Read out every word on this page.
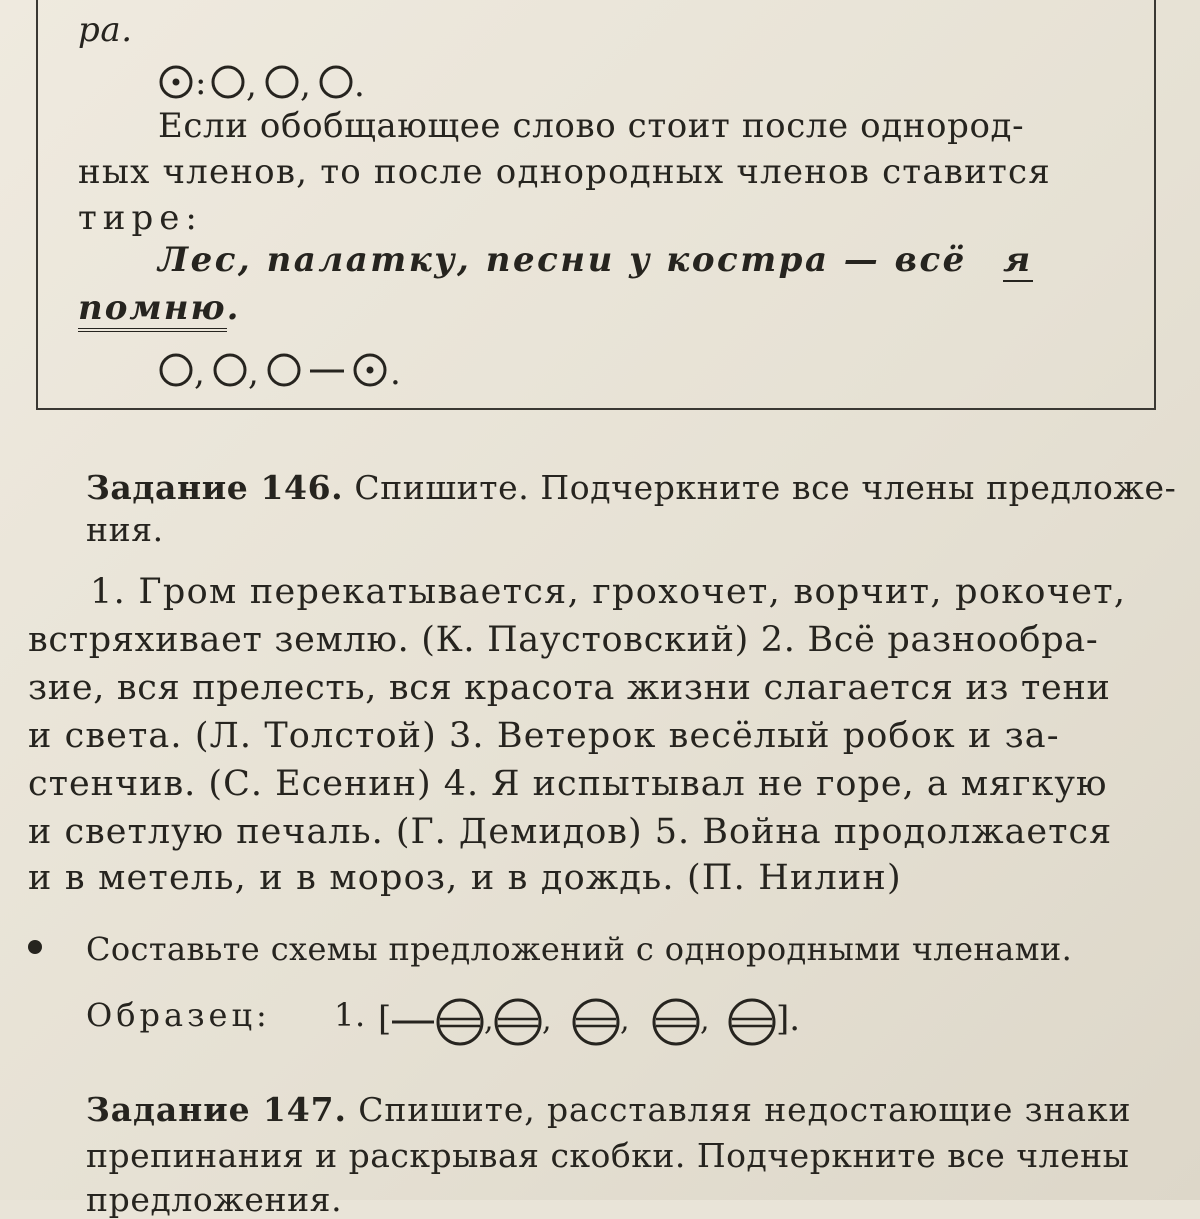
ра.
: , , .
Если обобщающее слово стоит после однород-
ных членов, то после однородных членов ставится
тире:
Лес, палатку, песни у костра — всё я
помню.
, ,	.
Задание 146. Спишите. Подчеркните все члены предложе-
ния.
1. Гром перекатывается, грохочет, ворчит, рокочет,
встряхивает землю. (К. Паустовский) 2. Всё разнообра-
зие, вся прелесть, вся красота жизни слагается из тени
и света. (Л. Толстой) 3. Ветерок весёлый робок и за-
стенчив. (С. Есенин) 4. Я испытывал не горе, а мягкую
и светлую печаль. (Г. Демидов) 5. Война продолжается
и в метель, и в мороз, и в дождь. (П. Нилин)
Составьте схемы предложений с однородными членами.
Образец: 1. [	, , , , ].
Задание 147. Спишите, расставляя недостающие знаки
препинания и раскрывая скобки. Подчеркните все члены
предложения.
